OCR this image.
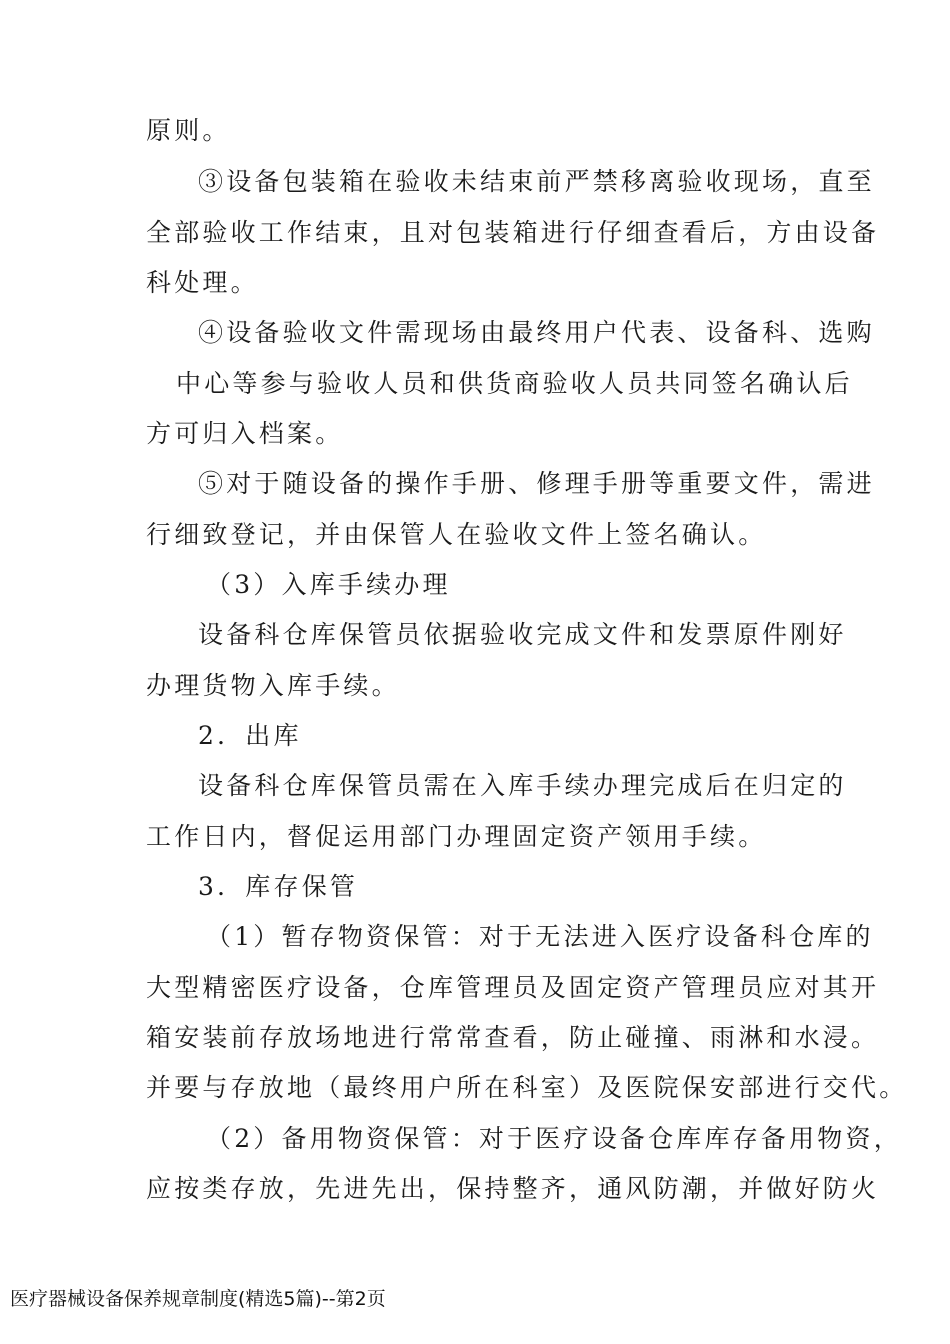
原则。
③设备包装箱在验收未结束前严禁移离验收现场，直至
全部验收工作结束，且对包装箱进行仔细查看后，方由设备
科处理。
④设备验收文件需现场由最终用户代表、设备科、选购
中心等参与验收人员和供货商验收人员共同签名确认后
方可归入档案。
⑤对于随设备的操作手册、修理手册等重要文件，需进
行细致登记，并由保管人在验收文件上签名确认。
（3）入库手续办理
设备科仓库保管员依据验收完成文件和发票原件刚好
办理货物入库手续。
2．出库
设备科仓库保管员需在入库手续办理完成后在归定的
工作日内，督促运用部门办理固定资产领用手续。
3．库存保管
（1）暂存物资保管：对于无法进入医疗设备科仓库的
大型精密医疗设备，仓库管理员及固定资产管理员应对其开
箱安装前存放场地进行常常查看，防止碰撞、雨淋和水浸。
并要与存放地（最终用户所在科室）及医院保安部进行交代。
（2）备用物资保管：对于医疗设备仓库库存备用物资，
应按类存放，先进先出，保持整齐，通风防潮，并做好防火
医疗器械设备保养规章制度(精选5篇)--第2页
